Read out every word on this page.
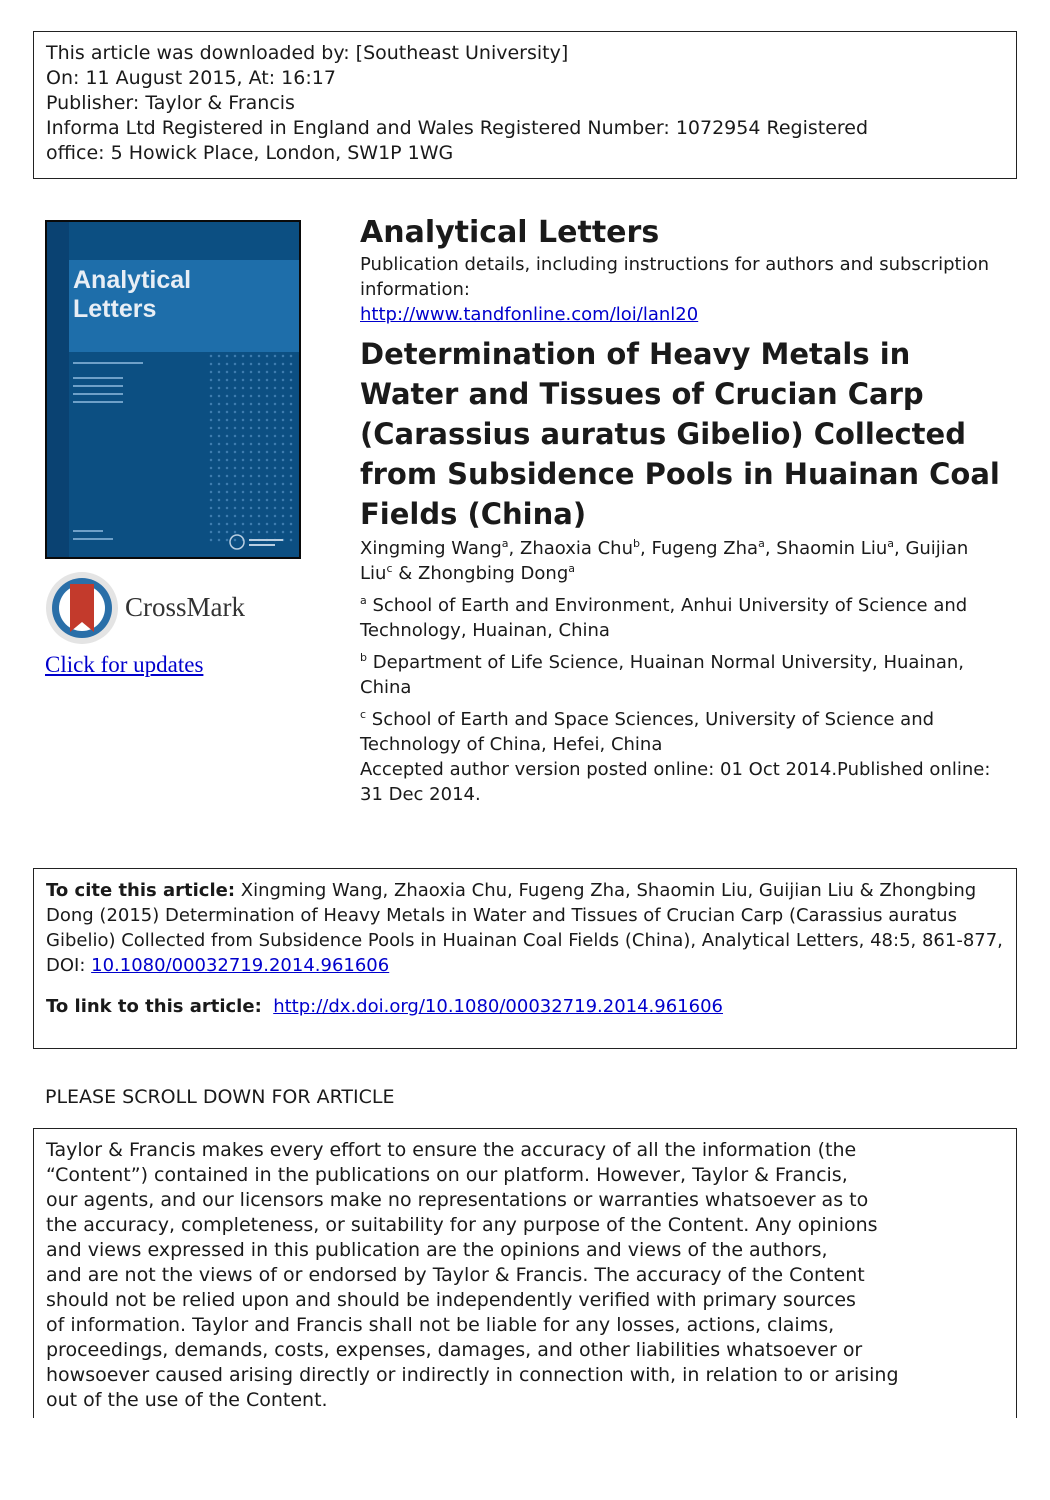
This article was downloaded by: [Southeast University]
On: 11 August 2015, At: 16:17
Publisher: Taylor & Francis
Informa Ltd Registered in England and Wales Registered Number: 1072954 Registered
office: 5 Howick Place, London, SW1P 1WG
Analytical
Letters
CrossMark
Click for updates
Analytical Letters
Publication details, including instructions for authors and subscription information:
http://www.tandfonline.com/loi/lanl20
Determination of Heavy Metals in Water and Tissues of Crucian Carp (Carassius auratus Gibelio) Collected from Subsidence Pools in Huainan Coal Fields (China)
Xingming Wang$^a$, Zhaoxia Chu$^b$, Fugeng Zha$^a$, Shaomin Liu$^a$, Guijian Liu$^c$ & Zhongbing Dong$^a$
$^a$ School of Earth and Environment, Anhui University of Science and Technology, Huainan, China
$^b$ Department of Life Science, Huainan Normal University, Huainan, China
$^c$ School of Earth and Space Sciences, University of Science and Technology of China, Hefei, China
Accepted author version posted online: 01 Oct 2014.Published online: 31 Dec 2014.
To cite this article: Xingming Wang, Zhaoxia Chu, Fugeng Zha, Shaomin Liu, Guijian Liu & Zhongbing Dong (2015) Determination of Heavy Metals in Water and Tissues of Crucian Carp (Carassius auratus Gibelio) Collected from Subsidence Pools in Huainan Coal Fields (China), Analytical Letters, 48:5, 861-877, DOI: 10.1080/00032719.2014.961606
To link to this article: http://dx.doi.org/10.1080/00032719.2014.961606
PLEASE SCROLL DOWN FOR ARTICLE
Taylor & Francis makes every effort to ensure the accuracy of all the information (the
“Content”) contained in the publications on our platform. However, Taylor & Francis,
our agents, and our licensors make no representations or warranties whatsoever as to
the accuracy, completeness, or suitability for any purpose of the Content. Any opinions
and views expressed in this publication are the opinions and views of the authors,
and are not the views of or endorsed by Taylor & Francis. The accuracy of the Content
should not be relied upon and should be independently verified with primary sources
of information. Taylor and Francis shall not be liable for any losses, actions, claims,
proceedings, demands, costs, expenses, damages, and other liabilities whatsoever or
howsoever caused arising directly or indirectly in connection with, in relation to or arising
out of the use of the Content.
